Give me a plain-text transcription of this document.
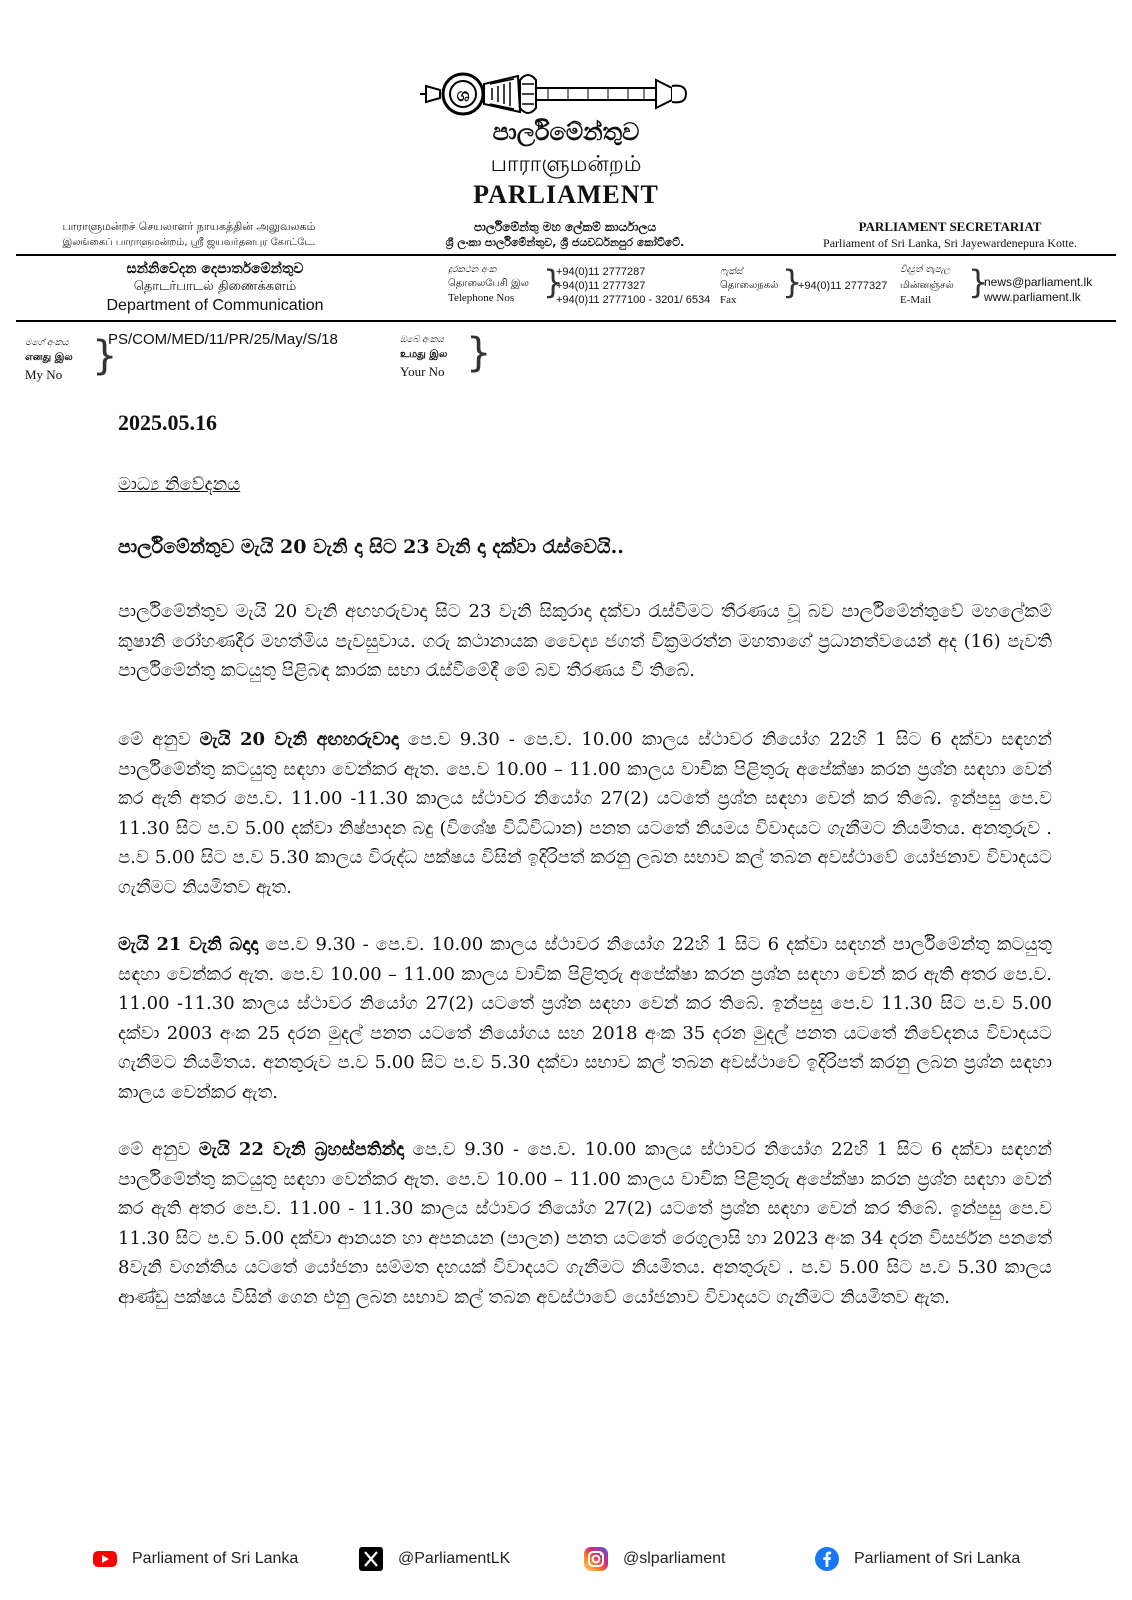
ශ
පාර්ලිමේන්තුව
பாராளுமன்றம்
PARLIAMENT
பாராளுமன்றச் செயலாளர் நாயகத்தின் அலுவலகம்
இலங்கைப் பாராளுமன்றம், ஸ்ரீ ஜயவர்தனபுர கோட்டே.
පාර්ලිමේන්තු මහ ලේකම් කාර්යාලය
ශ්‍රී ලංකා පාර්ලිමේන්තුව, ශ්‍රී ජයවර්ධනපුර කෝට්ටේ.
PARLIAMENT SECRETARIAT
Parliament of Sri Lanka, Sri Jayewardenepura Kotte.
සන්නිවේදන දෙපාර්තමේන්තුව
தொடர்பாடல் திணைக்களம்
Department of Communication
දුරකථන අංක
தொலைபேசி இல
Telephone Nos }
+94(0)11 2777287
+94(0)11 2777327
+94(0)11 2777100 - 3201/ 6534
ෆැක්ස්
தொலைநகல்
Fax }
+94(0)11 2777327
විද්‍යුත් තැපැල
மின்னஞ்சல்
E-Mail }
news@parliament.lk
www.parliament.lk
මගේ අංකය
எனது இல
My No }
PS/COM/MED/11/PR/25/May/S/18	ඔබේ අංකය
உமது இல
Your No }
2025.05.16
මාධ්‍ය නිවේදනය
පාර්ලිමේන්තුව මැයි 20 වැනි දා සිට 23 වැනි දා දක්වා රැස්වෙයි..

පාර්ලිමේන්තුව මැයි 20 වැනි අඟහරුවාදා සිට 23 වැනි සිකුරාදා දක්වා රැස්වීමට තීරණය වූ බව පාර්ලිමේන්තුවේ මහලේකම් කුෂානි රෝහණදීර මහත්මිය පැවසුවාය. ගරු කථානායක වෛද්‍ය ජගත් වික්‍රමරත්න මහතාගේ ප්‍රධානත්වයෙන් අද (16) පැවති පාර්ලිමේන්තු කටයුතු පිළිබඳ කාරක සභා රැස්වීමේදී මේ බව තීරණය වී තිබේ.

මේ අනුව මැයි 20 වැනි අඟහරුවාදා පෙ.ව 9.30 - පෙ.ව. 10.00 කාලය ස්ථාවර නියෝග 22හි 1 සිට 6 දක්වා සඳහන් පාර්ලිමේන්තු කටයුතු සඳහා වෙන්කර ඇත. පෙ.ව 10.00 – 11.00 කාලය වාචික පිළිතුරු අපේක්ෂා කරන ප්‍රශ්න සඳහා වෙන් කර ඇති අතර පෙ.ව. 11.00 -11.30 කාලය ස්ථාවර නියෝග 27(2) යටතේ ප්‍රශ්න සඳහා වෙන් කර තිබේ. ඉන්පසු පෙ.ව 11.30 සිට ප.ව 5.00 දක්වා නිෂ්පාදන බදු (විශේෂ විධිවිධාන) පනත යටතේ නියමය විවාදයට ගැනීමට නියමිතය. අනතුරුව . ප.ව 5.00 සිට ප.ව 5.30 කාලය විරුද්ධ පක්ෂය විසින් ඉදිරිපත් කරනු ලබන සභාව කල් තබන අවස්ථාවේ යෝජනාව විවාදයට ගැනීමට නියමිතව ඇත.

මැයි 21 වැනි බදාදා පෙ.ව 9.30 - පෙ.ව. 10.00 කාලය ස්ථාවර නියෝග 22හි 1 සිට 6 දක්වා සඳහන් පාර්ලිමේන්තු කටයුතු සඳහා වෙන්කර ඇත. පෙ.ව 10.00 – 11.00 කාලය වාචික පිළිතුරු අපේක්ෂා කරන ප්‍රශ්න සඳහා වෙන් කර ඇති අතර පෙ.ව. 11.00 -11.30 කාලය ස්ථාවර නියෝග 27(2) යටතේ ප්‍රශ්න සඳහා වෙන් කර තිබේ. ඉන්පසු පෙ.ව 11.30 සිට ප.ව 5.00 දක්වා 2003 අංක 25 දරන මුදල් පනත යටතේ නියෝගය සහ 2018 අංක 35 දරන මුදල් පනත යටතේ නිවේදනය විවාදයට ගැනීමට නියමිතය. අනතුරුව ප.ව 5.00 සිට ප.ව 5.30 දක්වා සභාව කල් තබන අවස්ථාවේ ඉදිරිපත් කරනු ලබන ප්‍රශ්න සඳහා කාලය වෙන්කර ඇත.

මේ අනුව මැයි 22 වැනි බ්‍රහස්පතින්දා පෙ.ව 9.30 - පෙ.ව. 10.00 කාලය ස්ථාවර නියෝග 22හි 1 සිට 6 දක්වා සඳහන් පාර්ලිමේන්තු කටයුතු සඳහා වෙන්කර ඇත. පෙ.ව 10.00 – 11.00 කාලය වාචික පිළිතුරු අපේක්ෂා කරන ප්‍රශ්න සඳහා වෙන් කර ඇති අතර පෙ.ව. 11.00 - 11.30 කාලය ස්ථාවර නියෝග 27(2) යටතේ ප්‍රශ්න සඳහා වෙන් කර තිබේ. ඉන්පසු පෙ.ව 11.30 සිට ප.ව 5.00 දක්වා ආනයන හා අපනයන (පාලන) පනත යටතේ රෙගුලාසි හා 2023 අංක 34 දරන විසර්ජන පනතේ 8වැනි වගන්තිය යටතේ යෝජනා සම්මත දහයක් විවාදයට ගැනීමට නියමිතය. අනතුරුව . ප.ව 5.00 සිට ප.ව 5.30 කාලය ආණ්ඩු පක්ෂය විසින් ගෙන එනු ලබන සභාව කල් තබන අවස්ථාවේ යෝජනාව විවාදයට ගැනීමට නියමිතව ඇත.

Parliament of Sri Lanka	@ParliamentLK	@slparliament	Parliament of Sri Lanka
